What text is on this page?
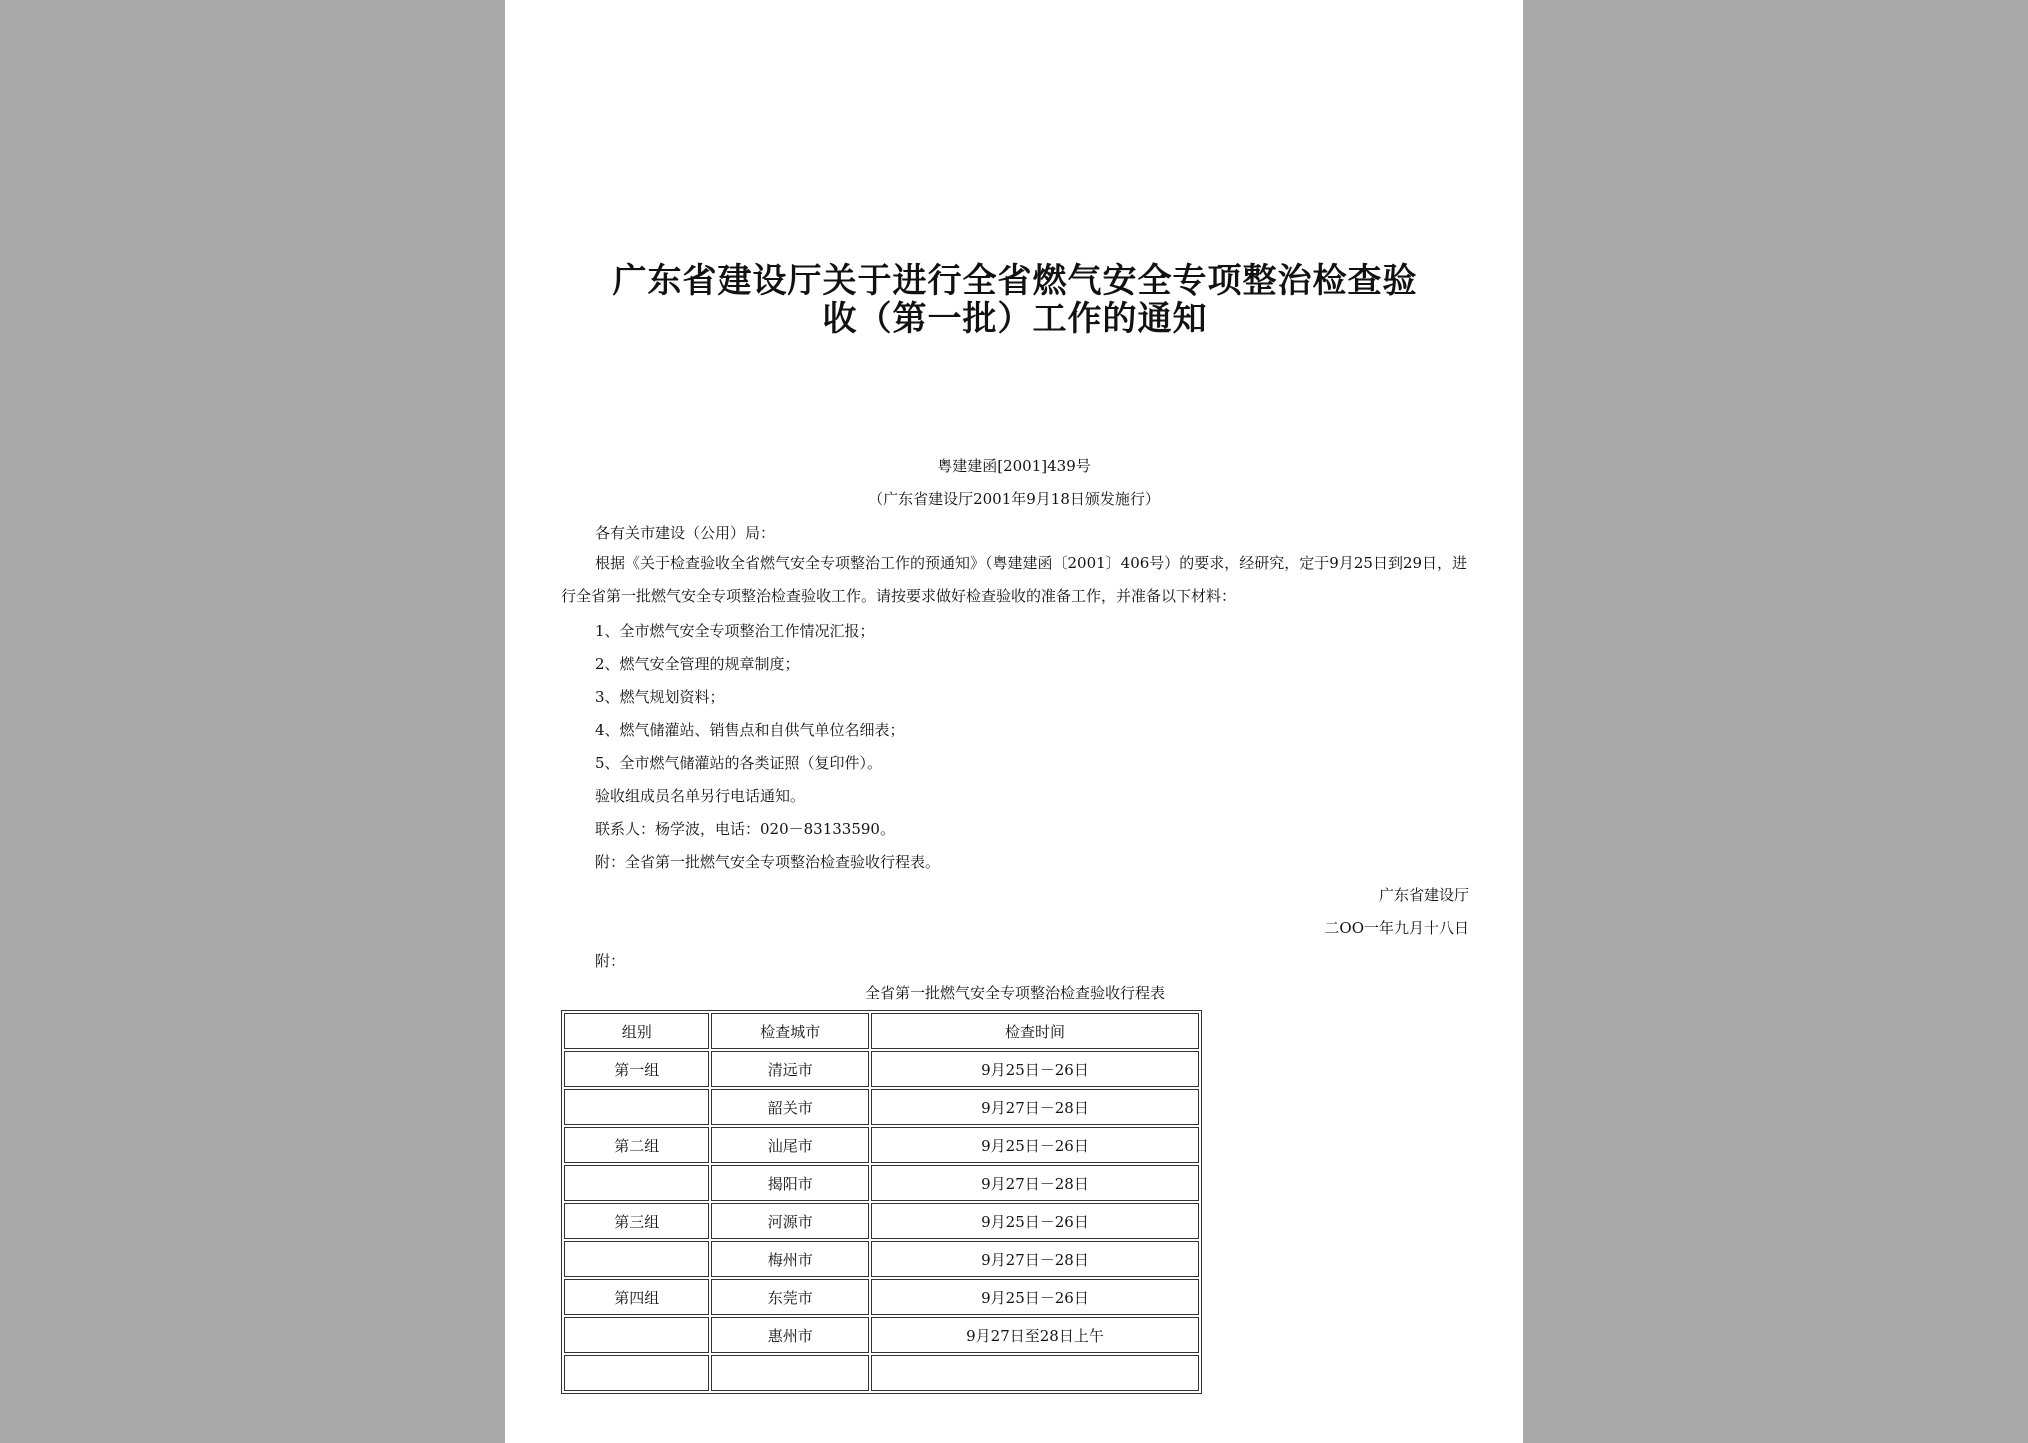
广东省建设厅关于进行全省燃气安全专项整治检查验
收（第一批）工作的通知
粤建建函[2001]439号
（广东省建设厅2001年9月18日颁发施行）
各有关市建设（公用）局：
根据《关于检查验收全省燃气安全专项整治工作的预通知》（粤建建函〔2001〕406号）的要求，经研究，定于9月25日到29日，进行全省第一批燃气安全专项整治检查验收工作。请按要求做好检查验收的准备工作，并准备以下材料：
1、全市燃气安全专项整治工作情况汇报；
2、燃气安全管理的规章制度；
3、燃气规划资料；
4、燃气储灌站、销售点和自供气单位名细表；
5、全市燃气储灌站的各类证照（复印件）。
验收组成员名单另行电话通知。
联系人：杨学波，电话：020－83133590。
附：全省第一批燃气安全专项整治检查验收行程表。
广东省建设厅
二OO一年九月十八日
附：
全省第一批燃气安全专项整治检查验收行程表
组别	检查城市	检查时间
第一组	清远市	9月25日－26日
	韶关市	9月27日－28日
第二组	汕尾市	9月25日－26日
	揭阳市	9月27日－28日
第三组	河源市	9月25日－26日
	梅州市	9月27日－28日
第四组	东莞市	9月25日－26日
	惠州市	9月27日至28日上午
